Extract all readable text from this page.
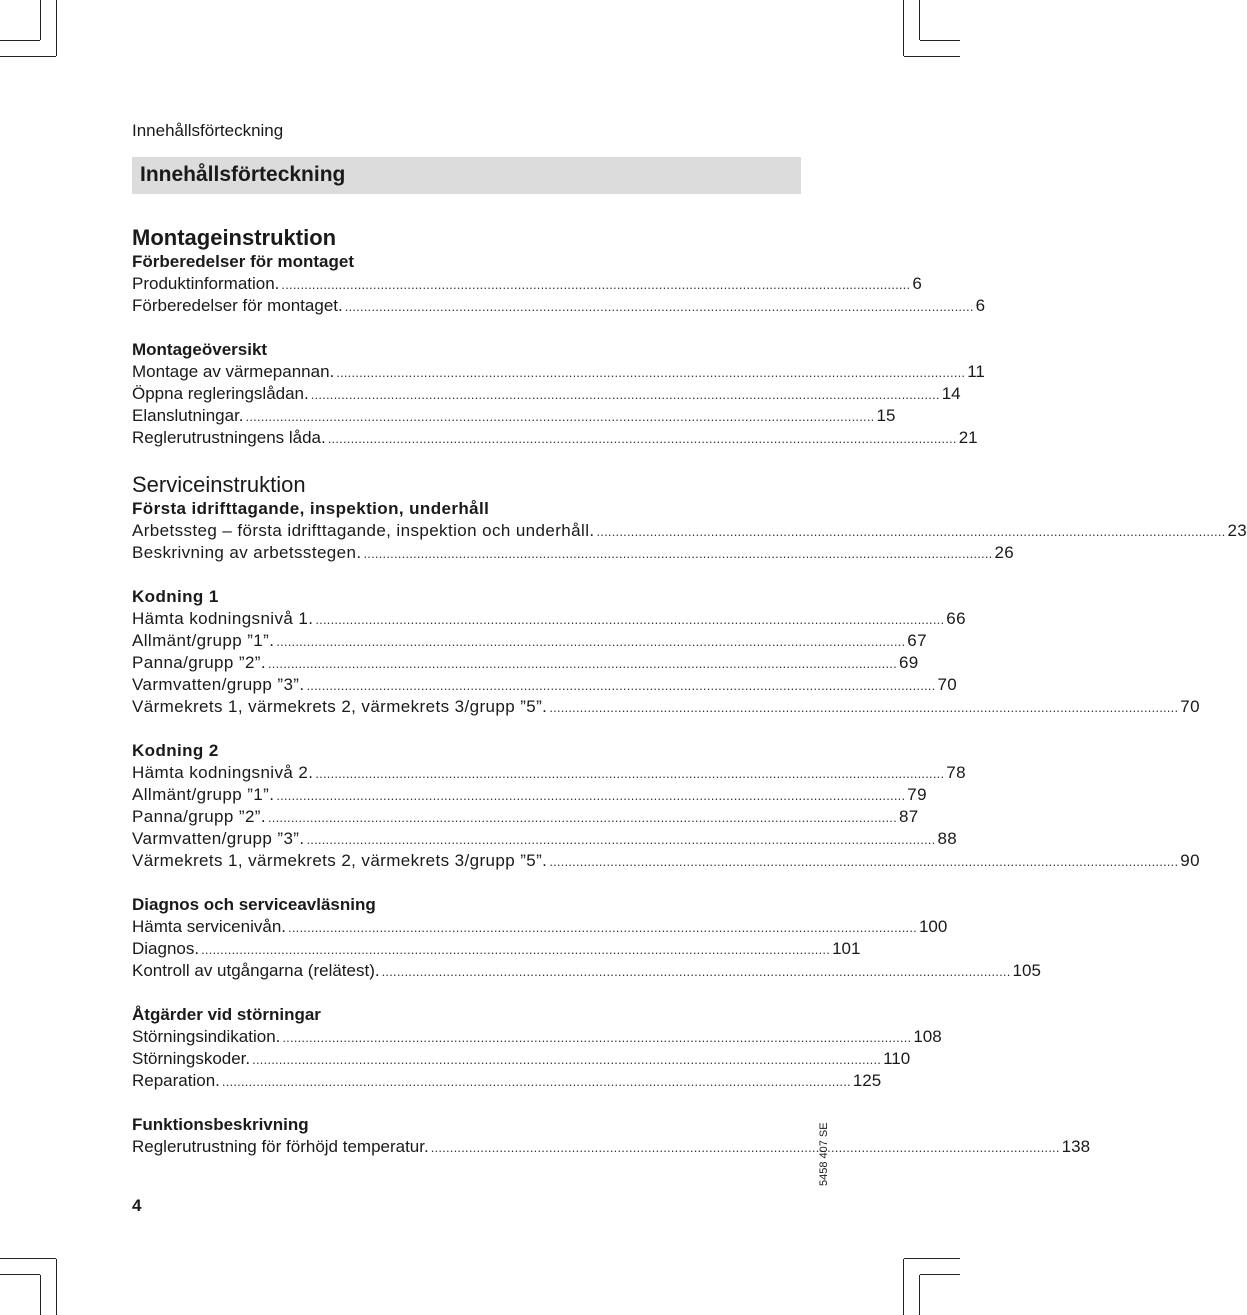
Innehållsförteckning
Innehållsförteckning
Montageinstruktion
Förberedelser för montaget
Produktinformation. ..................................................................................................................................................................... 6
Förberedelser för montaget. ..................................................................................................................................................................... 6
Montageöversikt
Montage av värmepannan. ..................................................................................................................................................................... 11
Öppna regleringslådan. ..................................................................................................................................................................... 14
Elanslutningar. ..................................................................................................................................................................... 15
Reglerutrustningens låda. ..................................................................................................................................................................... 21
Serviceinstruktion
Första idrifttagande, inspektion, underhåll
Arbetssteg – första idrifttagande, inspektion och underhåll. ..................................................................................................................................................................... 23
Beskrivning av arbetsstegen. ..................................................................................................................................................................... 26
Kodning 1
Hämta kodningsnivå 1. ..................................................................................................................................................................... 66
Allmänt/grupp ”1”. ..................................................................................................................................................................... 67
Panna/grupp ”2”. ..................................................................................................................................................................... 69
Varmvatten/grupp ”3”. ..................................................................................................................................................................... 70
Värmekrets 1, värmekrets 2, värmekrets 3/grupp ”5”. ..................................................................................................................................................................... 70
Kodning 2
Hämta kodningsnivå 2. ..................................................................................................................................................................... 78
Allmänt/grupp ”1”. ..................................................................................................................................................................... 79
Panna/grupp ”2”. ..................................................................................................................................................................... 87
Varmvatten/grupp ”3”. ..................................................................................................................................................................... 88
Värmekrets 1, värmekrets 2, värmekrets 3/grupp ”5”. ..................................................................................................................................................................... 90
Diagnos och serviceavläsning
Hämta servicenivån. ..................................................................................................................................................................... 100
Diagnos. ..................................................................................................................................................................... 101
Kontroll av utgångarna (relätest). ..................................................................................................................................................................... 105
Åtgärder vid störningar
Störningsindikation. ..................................................................................................................................................................... 108
Störningskoder. ..................................................................................................................................................................... 110
Reparation. ..................................................................................................................................................................... 125
Funktionsbeskrivning
Reglerutrustning för förhöjd temperatur. ..................................................................................................................................................................... 138
4
5458 407 SE
